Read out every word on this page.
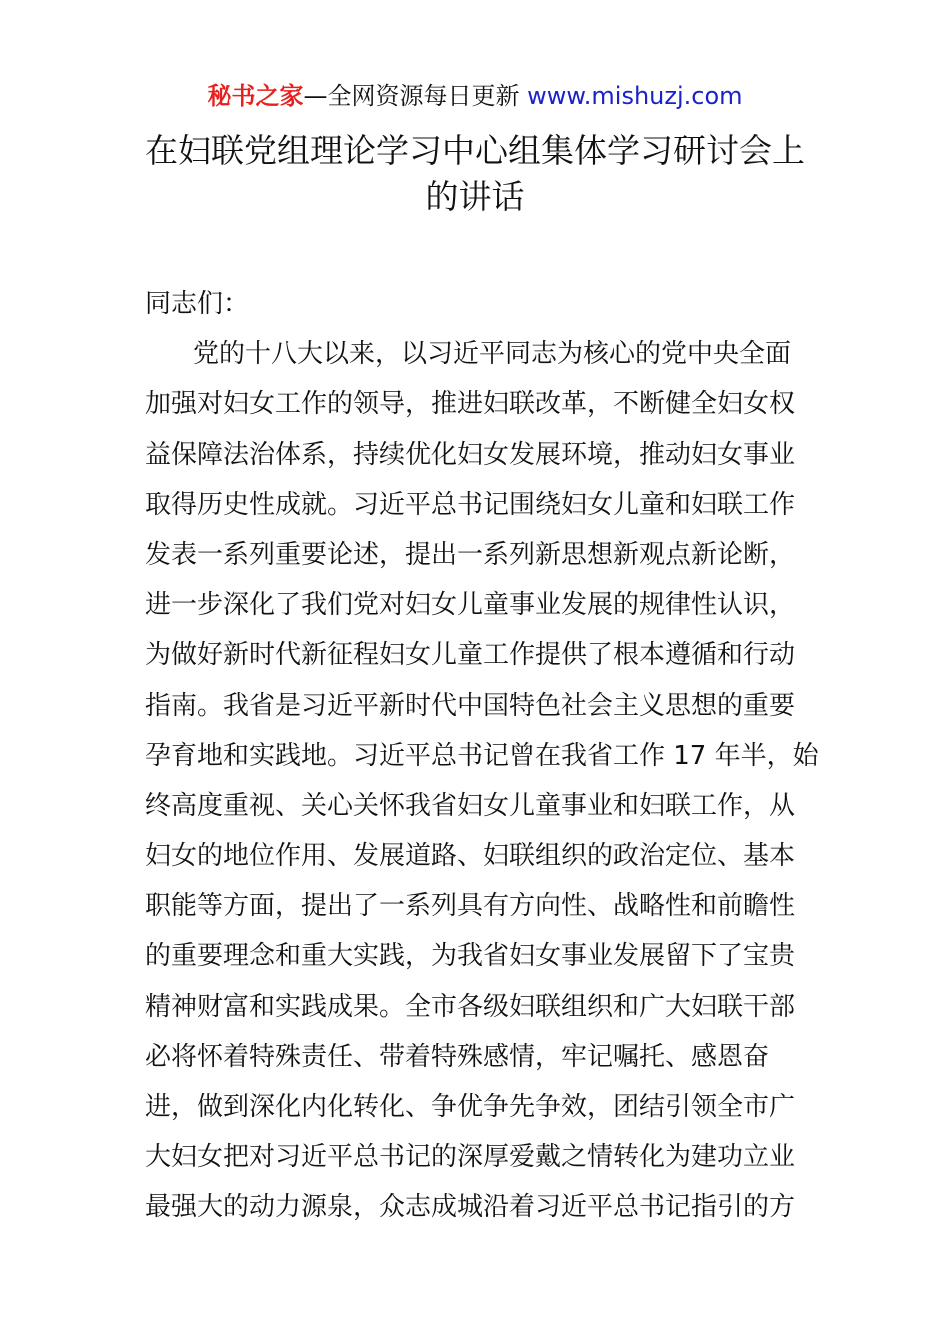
秘书之家—全网资源每日更新 www.mishuzj.com
在妇联党组理论学习中心组集体学习研讨会上
的讲话
同志们：
党的十八大以来，以习近平同志为核心的党中央全面
加强对妇女工作的领导，推进妇联改革，不断健全妇女权
益保障法治体系，持续优化妇女发展环境，推动妇女事业
取得历史性成就。习近平总书记围绕妇女儿童和妇联工作
发表一系列重要论述，提出一系列新思想新观点新论断，
进一步深化了我们党对妇女儿童事业发展的规律性认识，
为做好新时代新征程妇女儿童工作提供了根本遵循和行动
指南。我省是习近平新时代中国特色社会主义思想的重要
孕育地和实践地。习近平总书记曾在我省工作 17 年半，始
终高度重视、关心关怀我省妇女儿童事业和妇联工作，从
妇女的地位作用、发展道路、妇联组织的政治定位、基本
职能等方面，提出了一系列具有方向性、战略性和前瞻性
的重要理念和重大实践，为我省妇女事业发展留下了宝贵
精神财富和实践成果。全市各级妇联组织和广大妇联干部
必将怀着特殊责任、带着特殊感情，牢记嘱托、感恩奋
进，做到深化内化转化、争优争先争效，团结引领全市广
大妇女把对习近平总书记的深厚爱戴之情转化为建功立业
最强大的动力源泉，众志成城沿着习近平总书记指引的方
